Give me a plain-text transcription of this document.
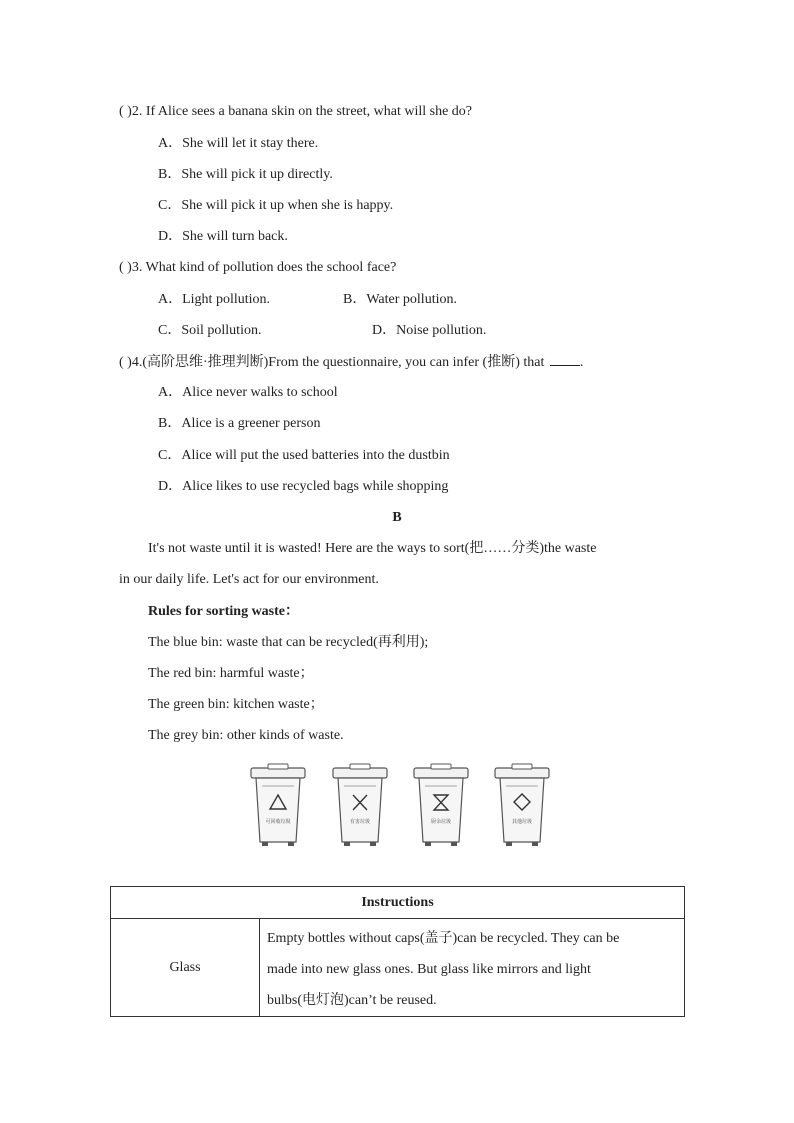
( )2. If Alice sees a banana skin on the street, what will she do?
A．She will let it stay there.
B．She will pick it up directly.
C．She will pick it up when she is happy.
D．She will turn back.
( )3. What kind of pollution does the school face?
A．Light pollution.	B．Water pollution.
C．Soil pollution.	D．Noise pollution.
( )4.(高阶思维·推理判断)From the questionnaire, you can infer (推断) that	.
A．Alice never walks to school
B．Alice is a greener person
C．Alice will put the used batteries into the dustbin
D．Alice likes to use recycled bags while shopping
B
It's not waste until it is wasted! Here are the ways to sort(把……分类)the waste
in our daily life. Let's act for our environment.
Rules for sorting waste：
The blue bin: waste that can be recycled(再利用);
The red bin: harmful waste；
The green bin: kitchen waste；
The grey bin: other kinds of waste.
可回收垃圾	有害垃圾	厨余垃圾	其他垃圾
Instructions
Glass	
Empty bottles without caps(盖子)can be recycled. They can be
made into new glass ones. But glass like mirrors and light
bulbs(电灯泡)can’t be reused.
